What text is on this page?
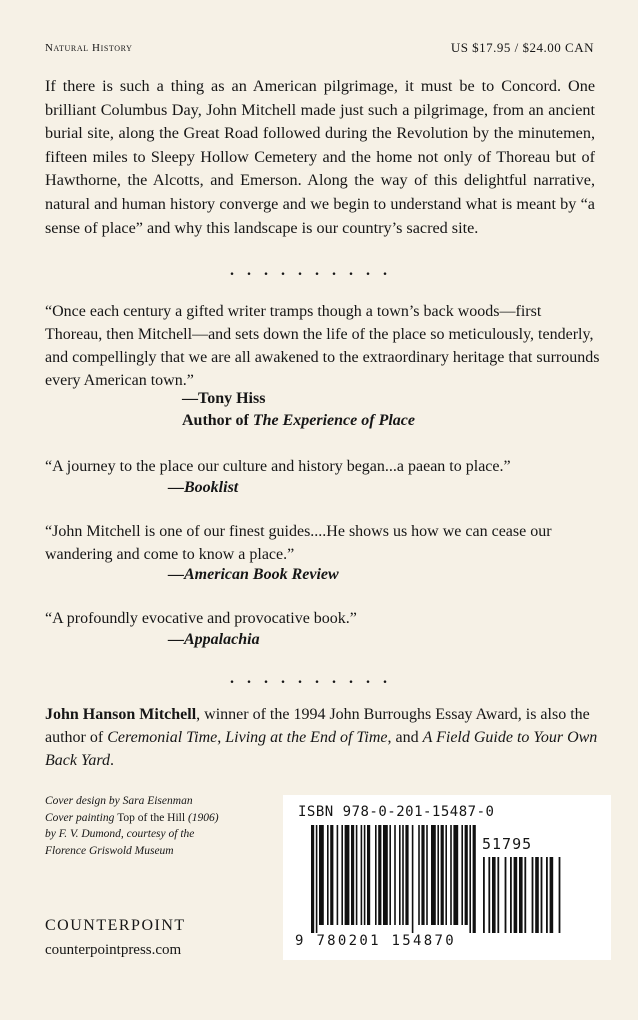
Natural History	US $17.95 / $24.00 CAN
If there is such a thing as an American pilgrimage, it must be to Concord. One brilliant Columbus Day, John Mitchell made just such a pilgrimage, from an ancient burial site, along the Great Road followed during the Revolution by the minutemen, fifteen miles to Sleepy Hollow Cemetery and the home not only of Thoreau but of Hawthorne, the Alcotts, and Emerson. Along the way of this delightful narrative, natural and human history converge and we begin to understand what is meant by “a sense of place” and why this landscape is our country’s sacred site.
..........
“Once each century a gifted writer tramps though a town’s back woods—first Thoreau, then Mitchell—and sets down the life of the place so meticulously, tenderly, and compellingly that we are all awakened to the extraordinary heritage that surrounds every American town.”
—Tony Hiss
Author of The Experience of Place
“A journey to the place our culture and history began...a paean to place.”
—Booklist
“John Mitchell is one of our finest guides....He shows us how we can cease our wandering and come to know a place.”
—American Book Review
“A profoundly evocative and provocative book.”
—Appalachia
..........
John Hanson Mitchell, winner of the 1994 John Burroughs Essay Award, is also the author of Ceremonial Time, Living at the End of Time, and A Field Guide to Your Own Back Yard.
Cover design by Sara Eisenman
Cover painting Top of the Hill (1906)
by F. V. Dumond, courtesy of the
Florence Griswold Museum
COUNTERPOINT
counterpointpress.com
ISBN 978-0-201-15487-0
51795
9 780201 154870
